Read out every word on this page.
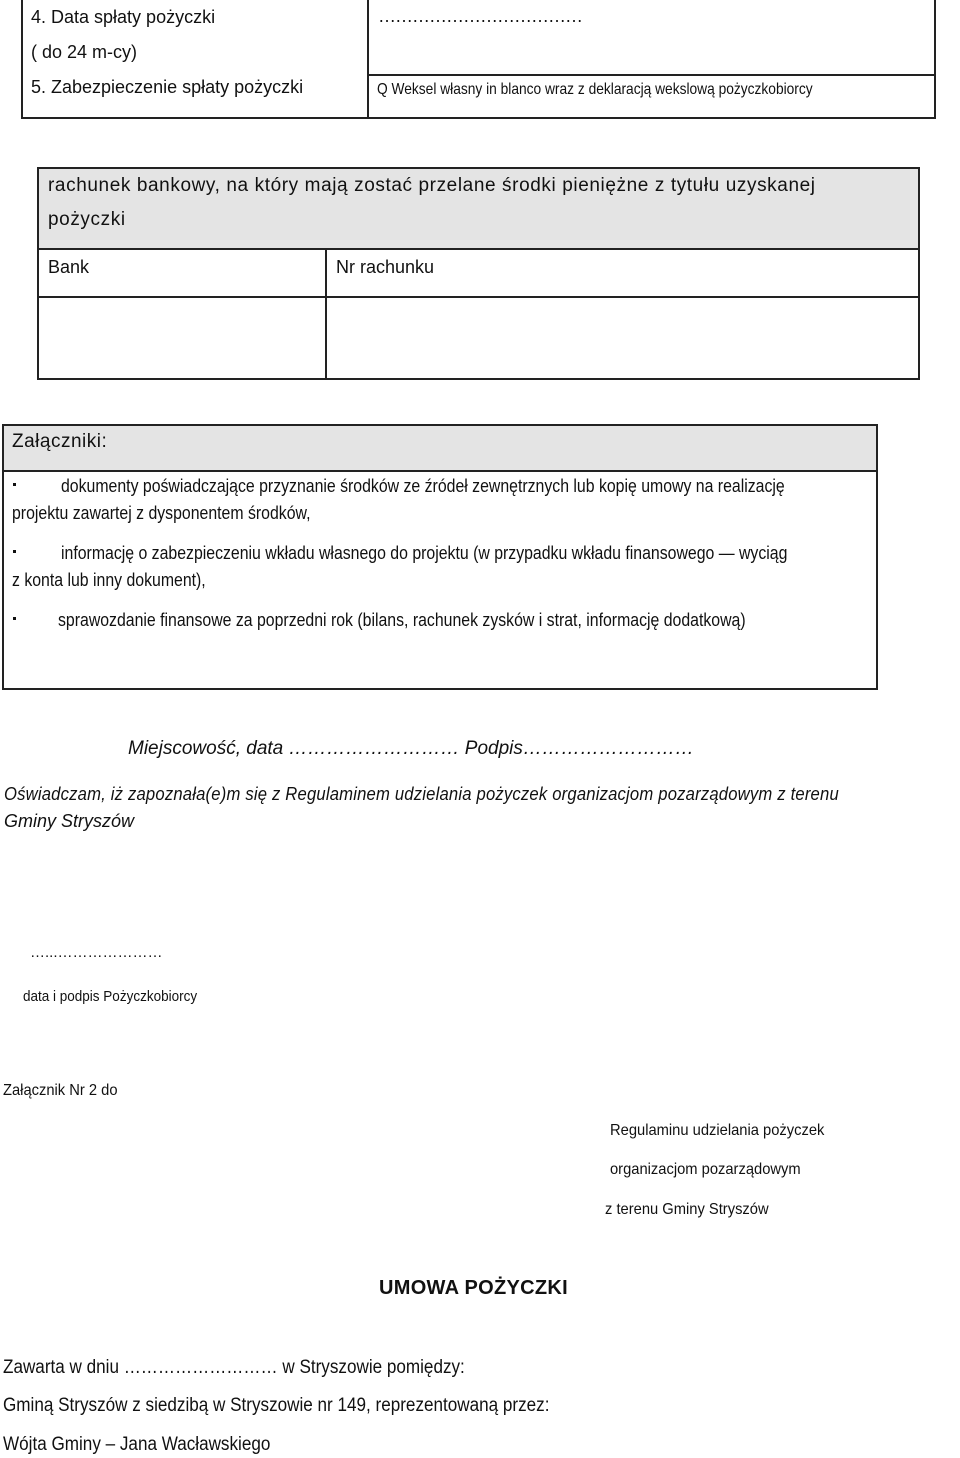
4. Data spłaty pożyczki
( do 24 m-cy)
………………………………
5. Zabezpieczenie spłaty pożyczki	Q Weksel własny in blanco wraz z deklaracją wekslową pożyczkobiorcy
rachunek bankowy, na który mają zostać przelane środki pieniężne z tytułu uzyskanej
pożyczki
Bank	Nr rachunku
Załączniki:
dokumenty poświadczające przyznanie środków ze źródeł zewnętrznych lub kopię umowy na realizację
projektu zawartej z dysponentem środków,
informację o zabezpieczeniu wkładu własnego do projektu (w przypadku wkładu finansowego — wyciąg
z konta lub inny dokument),
sprawozdanie finansowe za poprzedni rok (bilans, rachunek zysków i strat, informację dodatkową)
Miejscowość, data ……………………… Podpis………………………
Oświadczam, iż zapoznała(e)m się z Regulaminem udzielania pożyczek organizacjom pozarządowym z terenu
Gminy Stryszów
…...…………………
data i podpis Pożyczkobiorcy
Załącznik Nr 2 do
Regulaminu udzielania pożyczek
organizacjom pozarządowym
z terenu Gminy Stryszów
UMOWA POŻYCZKI
Zawarta w dniu ……………………… w Stryszowie pomiędzy:
Gminą Stryszów z siedzibą w Stryszowie nr 149, reprezentowaną przez:
Wójta Gminy – Jana Wacławskiego
